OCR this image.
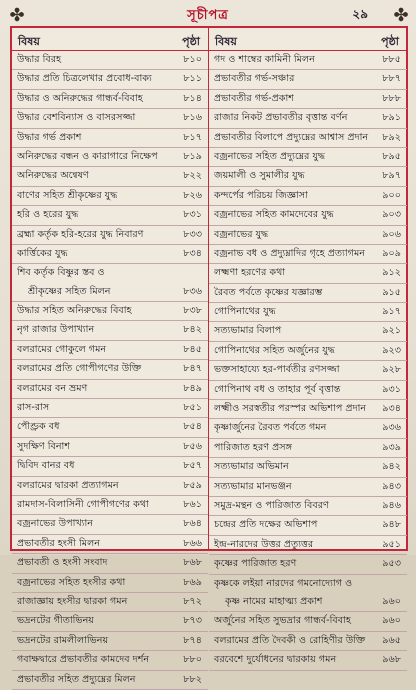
✤	সূচীপত্র	২৯ ✤
বিষয়	পৃষ্ঠা
উদ্ধার বিরহ	৮১০
উদ্ধার প্রতি চিত্রলেখার প্রবোধ-বাক্য	৮১১
উদ্ধার ও অনিরুদ্ধের গান্ধর্ব-বিবাহ	৮১৪
উদ্ধার বেশবিন্যাস ও বাসরসজ্জা	৮১৬
উদ্ধার গর্ভ প্রকাশ	৮১৭
অনিরুদ্ধের বন্ধন ও কারাগারে নিক্ষেপ	৮১৯
অনিরুদ্ধের অন্বেষণ	৮২২
বাণের সহিত শ্রীকৃষ্ণের যুদ্ধ	৮২৬
হরি ও হরের যুদ্ধ	৮৩১
ব্রহ্মা কর্তৃক হরি-হরের যুদ্ধ নিবারণ	৮৩৩
কার্ত্তিকের যুদ্ধ	৮৩৪
শিব কর্তৃক বিষ্ণুর স্তব ও
শ্রীকৃষ্ণের সহিত মিলন	৮৩৬
উদ্ধার সহিত অনিরুদ্ধের বিবাহ	৮৩৮
নৃগ রাজার উপাখ্যান	৮৪২
বলরামের গোকুলে গমন	৮৪৫
বলরামের প্রতি গোপীগণের উক্তি	৮৪৭
বলরামের বন ভ্রমণ	৮৪৯
রাস-রাস	৮৫১
পৌণ্ড্রক বধ	৮৫৪
সুদক্ষিণ বিনাশ	৮৫৬
দ্বিবিদ বানর বধ	৮৫৭
বলরামের দ্বারকা প্রত্যাগমন	৮৫৯
রামদাস-বিলাসিনী গোপীগণের কথা	৮৬১
বজ্রনাভের উপাখ্যান	৮৬৪
প্রভাবতীর হংসী মিলন	৮৬৬
প্রভাবতী ও হংসী সংবাদ	৮৬৮
বজ্রনাভের সহিত হংসীর কথা	৮৬৯
রাজাজ্ঞায় হংসীর দ্বারকা গমন	৮৭২
ভদ্রনটের গীতাভিনয়	৮৭৩
ভদ্রনটের রামলীলাভিনয়	৮৭৪
গবাক্ষদ্বারে প্রভাবতীর কামদেব দর্শন	৮৮০
প্রভাবতীর সহিত প্রদ্যুম্নের মিলন	৮৮২
বিষয়	পৃষ্ঠা
গদ ও শাম্বের কামিনী মিলন	৮৮৫
প্রভাবতীর গর্ভ-সঞ্চার	৮৮৭
প্রভাবতীর গর্ভ-প্রকাশ	৮৮৮
রাজার নিকট প্রভাবতীর বৃত্তান্ত বর্ণন	৮৯১
প্রভাবতীর বিলাপে প্রদ্যুম্নের আশ্বাস প্রদান	৮৯২
বজ্রনাভের সহিত প্রদ্যুম্নের যুদ্ধ	৮৯৫
জয়মালী ও সুমালীর যুদ্ধ	৮৯৭
কন্দর্পের পরিচয় জিজ্ঞাসা	৯০০
বজ্রনাভের সহিত কামদেবের যুদ্ধ	৯০৩
বজ্রনাভের যুদ্ধ	৯০৬
বজ্রনাভ বধ ও প্রদ্যুম্নাদির গৃহে প্রত্যাগমন	৯০৯
লক্ষ্মণা হরণের কথা	৯১২
রৈবত পর্বতে কৃষ্ণের যজ্ঞারম্ভ	৯১৫
গোপিনাথের যুদ্ধ	৯১৭
সত্যভামার বিলাপ	৯২১
গোপিনাথের সহিত অর্জুনের যুদ্ধ	৯২৩
ভক্তসাহায্যে হর-পার্বতীর রণসজ্জা	৯২৮
গোপিনাথ বধ ও তাহার পূর্ব বৃত্তান্ত	৯৩১
লক্ষ্মীও সরস্বতীর পরস্পর অভিশাপ প্রদান	৯৩৪
কৃষ্ণার্জুনের রৈবত পর্বতে গমন	৯৩৬
পারিজাত হরণ প্রসঙ্গ	৯৩৯
সত্যভামার অভিমান	৯৪২
সত্যভামার মানভঞ্জন	৯৪৩
সমুদ্র-মন্থন ও পারিজাত বিবরণ	৯৪৬
চন্দ্রের প্রতি দক্ষের অভিশাপ	৯৪৮
ইন্দ্র-নারদের উত্তর প্রত্যুত্তর	৯৫১
কৃষ্ণের পারিজাত হরণ	৯৫৩
কৃষ্ণকে লইয়া নারদের গমনোদ্যোগ ও
কৃষ্ণ নামের মাহাত্ম্য প্রকাশ	৯৬০
অর্জুনের সহিত সুভদ্রার গান্ধর্ব-বিবাহ	৯৬০
বলরামের প্রতি দৈবকী ও রোহিণীর উক্তি	৯৬৫
বরবেশে দুর্যোধনের দ্বারকায় গমন	৯৬৮
